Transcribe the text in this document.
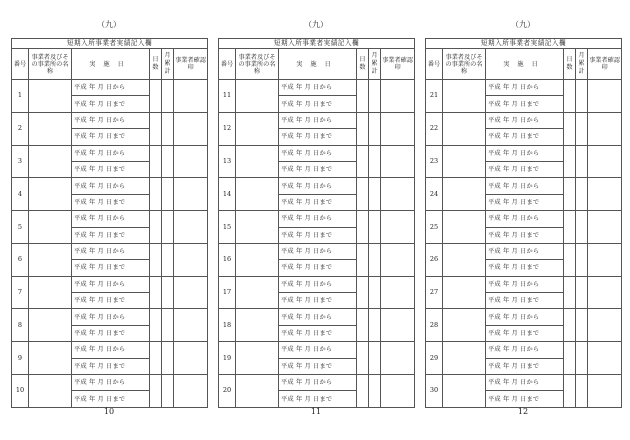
（九）
短期入所事業者実績記入欄					
番号	事業者及びその事業所の名称	実施日	日数	月累計	事業者確認印

1		平成 年 月 日から			
		平成 年 月 日まで			
2		平成 年 月 日から			
		平成 年 月 日まで			
3		平成 年 月 日から			
		平成 年 月 日まで			
4		平成 年 月 日から			
		平成 年 月 日まで			
5		平成 年 月 日から			
		平成 年 月 日まで			
6		平成 年 月 日から			
		平成 年 月 日まで			
7		平成 年 月 日から			
		平成 年 月 日まで			
8		平成 年 月 日から			
		平成 年 月 日まで			
9		平成 年 月 日から			
		平成 年 月 日まで			
10		平成 年 月 日から			
		平成 年 月 日まで			
10
（九）
短期入所事業者実績記入欄					
番号	事業者及びその事業所の名称	実施日	日数	月累計	事業者確認印

11		平成 年 月 日から			
		平成 年 月 日まで			
12		平成 年 月 日から			
		平成 年 月 日まで			
13		平成 年 月 日から			
		平成 年 月 日まで			
14		平成 年 月 日から			
		平成 年 月 日まで			
15		平成 年 月 日から			
		平成 年 月 日まで			
16		平成 年 月 日から			
		平成 年 月 日まで			
17		平成 年 月 日から			
		平成 年 月 日まで			
18		平成 年 月 日から			
		平成 年 月 日まで			
19		平成 年 月 日から			
		平成 年 月 日まで			
20		平成 年 月 日から			
		平成 年 月 日まで			
11
（九）
短期入所事業者実績記入欄					
番号	事業者及びその事業所の名称	実施日	日数	月累計	事業者確認印

21		平成 年 月 日から			
		平成 年 月 日まで			
22		平成 年 月 日から			
		平成 年 月 日まで			
23		平成 年 月 日から			
		平成 年 月 日まで			
24		平成 年 月 日から			
		平成 年 月 日まで			
25		平成 年 月 日から			
		平成 年 月 日まで			
26		平成 年 月 日から			
		平成 年 月 日まで			
27		平成 年 月 日から			
		平成 年 月 日まで			
28		平成 年 月 日から			
		平成 年 月 日まで			
29		平成 年 月 日から			
		平成 年 月 日まで			
30		平成 年 月 日から			
		平成 年 月 日まで			
12
